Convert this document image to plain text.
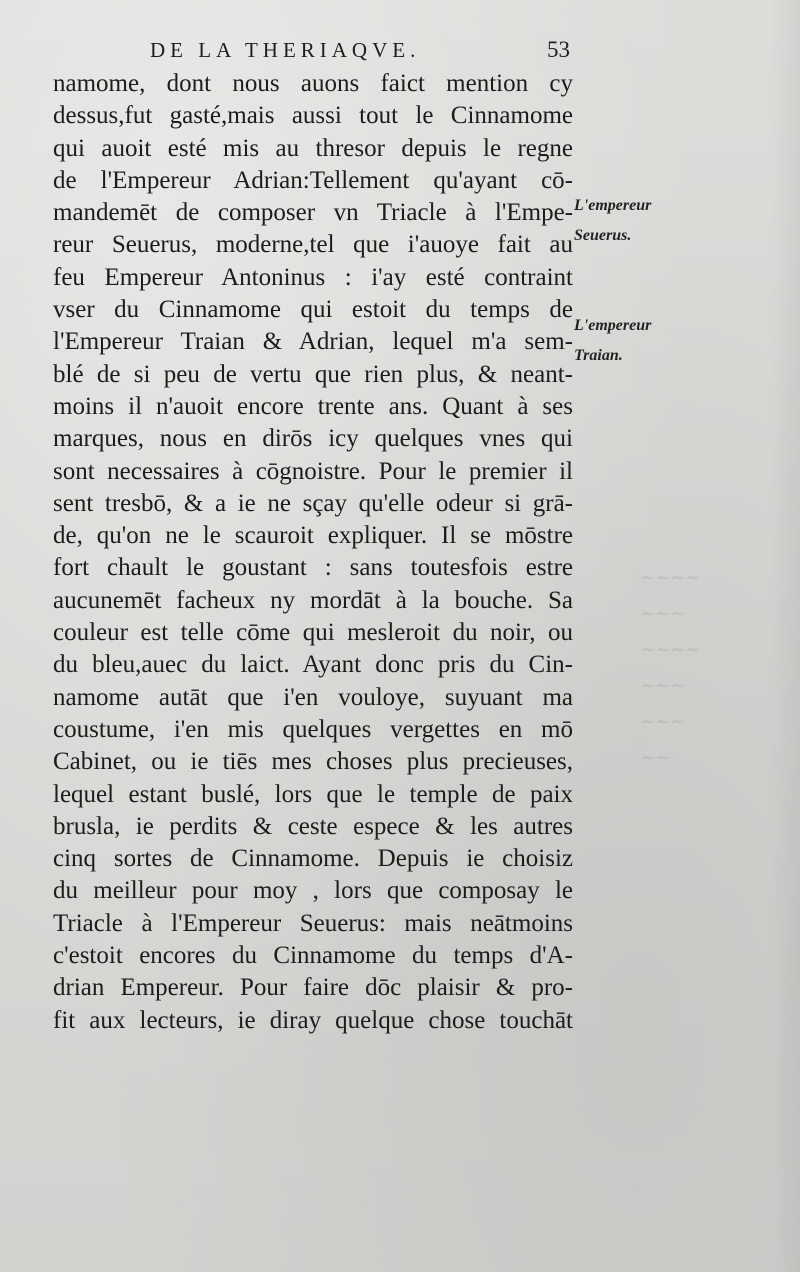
~~~~
~~~
~~~~
~~~
~~~
~~
DE LA THERIAQVE.	53
namome, dont nous auons faict mention cy
dessus,fut gasté,mais aussi tout le Cinnamome
qui auoit esté mis au thresor depuis le regne
de l'Empereur Adrian:Tellement qu'ayant cō-
mandemēt de composer vn Triacle à l'Empe-
reur Seuerus, moderne,tel que i'auoye fait au
feu Empereur Antoninus : i'ay esté contraint
vser du Cinnamome qui estoit du temps de
l'Empereur Traian & Adrian, lequel m'a sem-
blé de si peu de vertu que rien plus, & neant-
moins il n'auoit encore trente ans. Quant à ses
marques, nous en dirōs icy quelques vnes qui
sont necessaires à cōgnoistre. Pour le premier il
sent tresbō, & a ie ne sçay qu'elle odeur si grā-
de, qu'on ne le scauroit expliquer. Il se mōstre
fort chault le goustant : sans toutesfois estre
aucunemēt facheux ny mordāt à la bouche. Sa
couleur est telle cōme qui mesleroit du noir, ou
du bleu,auec du laict. Ayant donc pris du Cin-
namome autāt que i'en vouloye, suyuant ma
coustume, i'en mis quelques vergettes en mō
Cabinet, ou ie tiēs mes choses plus precieuses,
lequel estant buslé, lors que le temple de paix
brusla, ie perdits & ceste espece & les autres
cinq sortes de Cinnamome. Depuis ie choisiz
du meilleur pour moy , lors que composay le
Triacle à l'Empereur Seuerus: mais neātmoins
c'estoit encores du Cinnamome du temps d'A-
drian Empereur. Pour faire dōc plaisir & pro-
fit aux lecteurs, ie diray quelque chose touchāt
L'empereur
Seuerus.
L'empereur
Traian.
